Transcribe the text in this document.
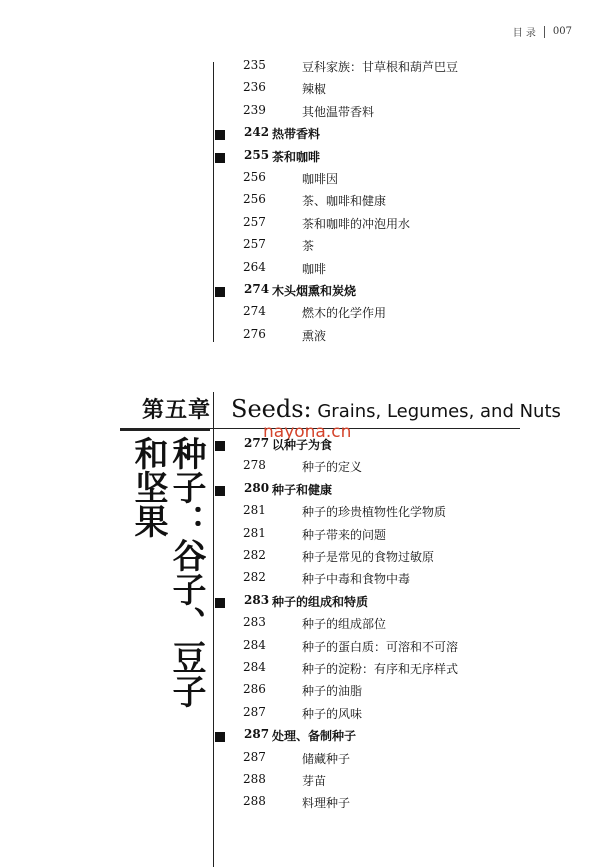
目 录 007
235	豆科家族：甘草根和葫芦巴豆
236	辣椒
239	其他温带香料
242 热带香料
255 茶和咖啡
256	咖啡因
256	茶、咖啡和健康
257	茶和咖啡的冲泡用水
257	茶
264	咖啡
274 木头烟熏和炭烧
274	燃木的化学作用
276	熏液
第五章 Seeds: Grains, Legumes, and Nuts
种子：谷子、豆子
和坚果
nayona.cn
277 以种子为食
278	种子的定义
280 种子和健康
281	种子的珍贵植物性化学物质
281	种子带来的问题
282	种子是常见的食物过敏原
282	种子中毒和食物中毒
283 种子的组成和特质
283	种子的组成部位
284	种子的蛋白质：可溶和不可溶
284	种子的淀粉：有序和无序样式
286	种子的油脂
287	种子的风味
287 处理、备制种子
287	储藏种子
288	芽苗
288	料理种子
